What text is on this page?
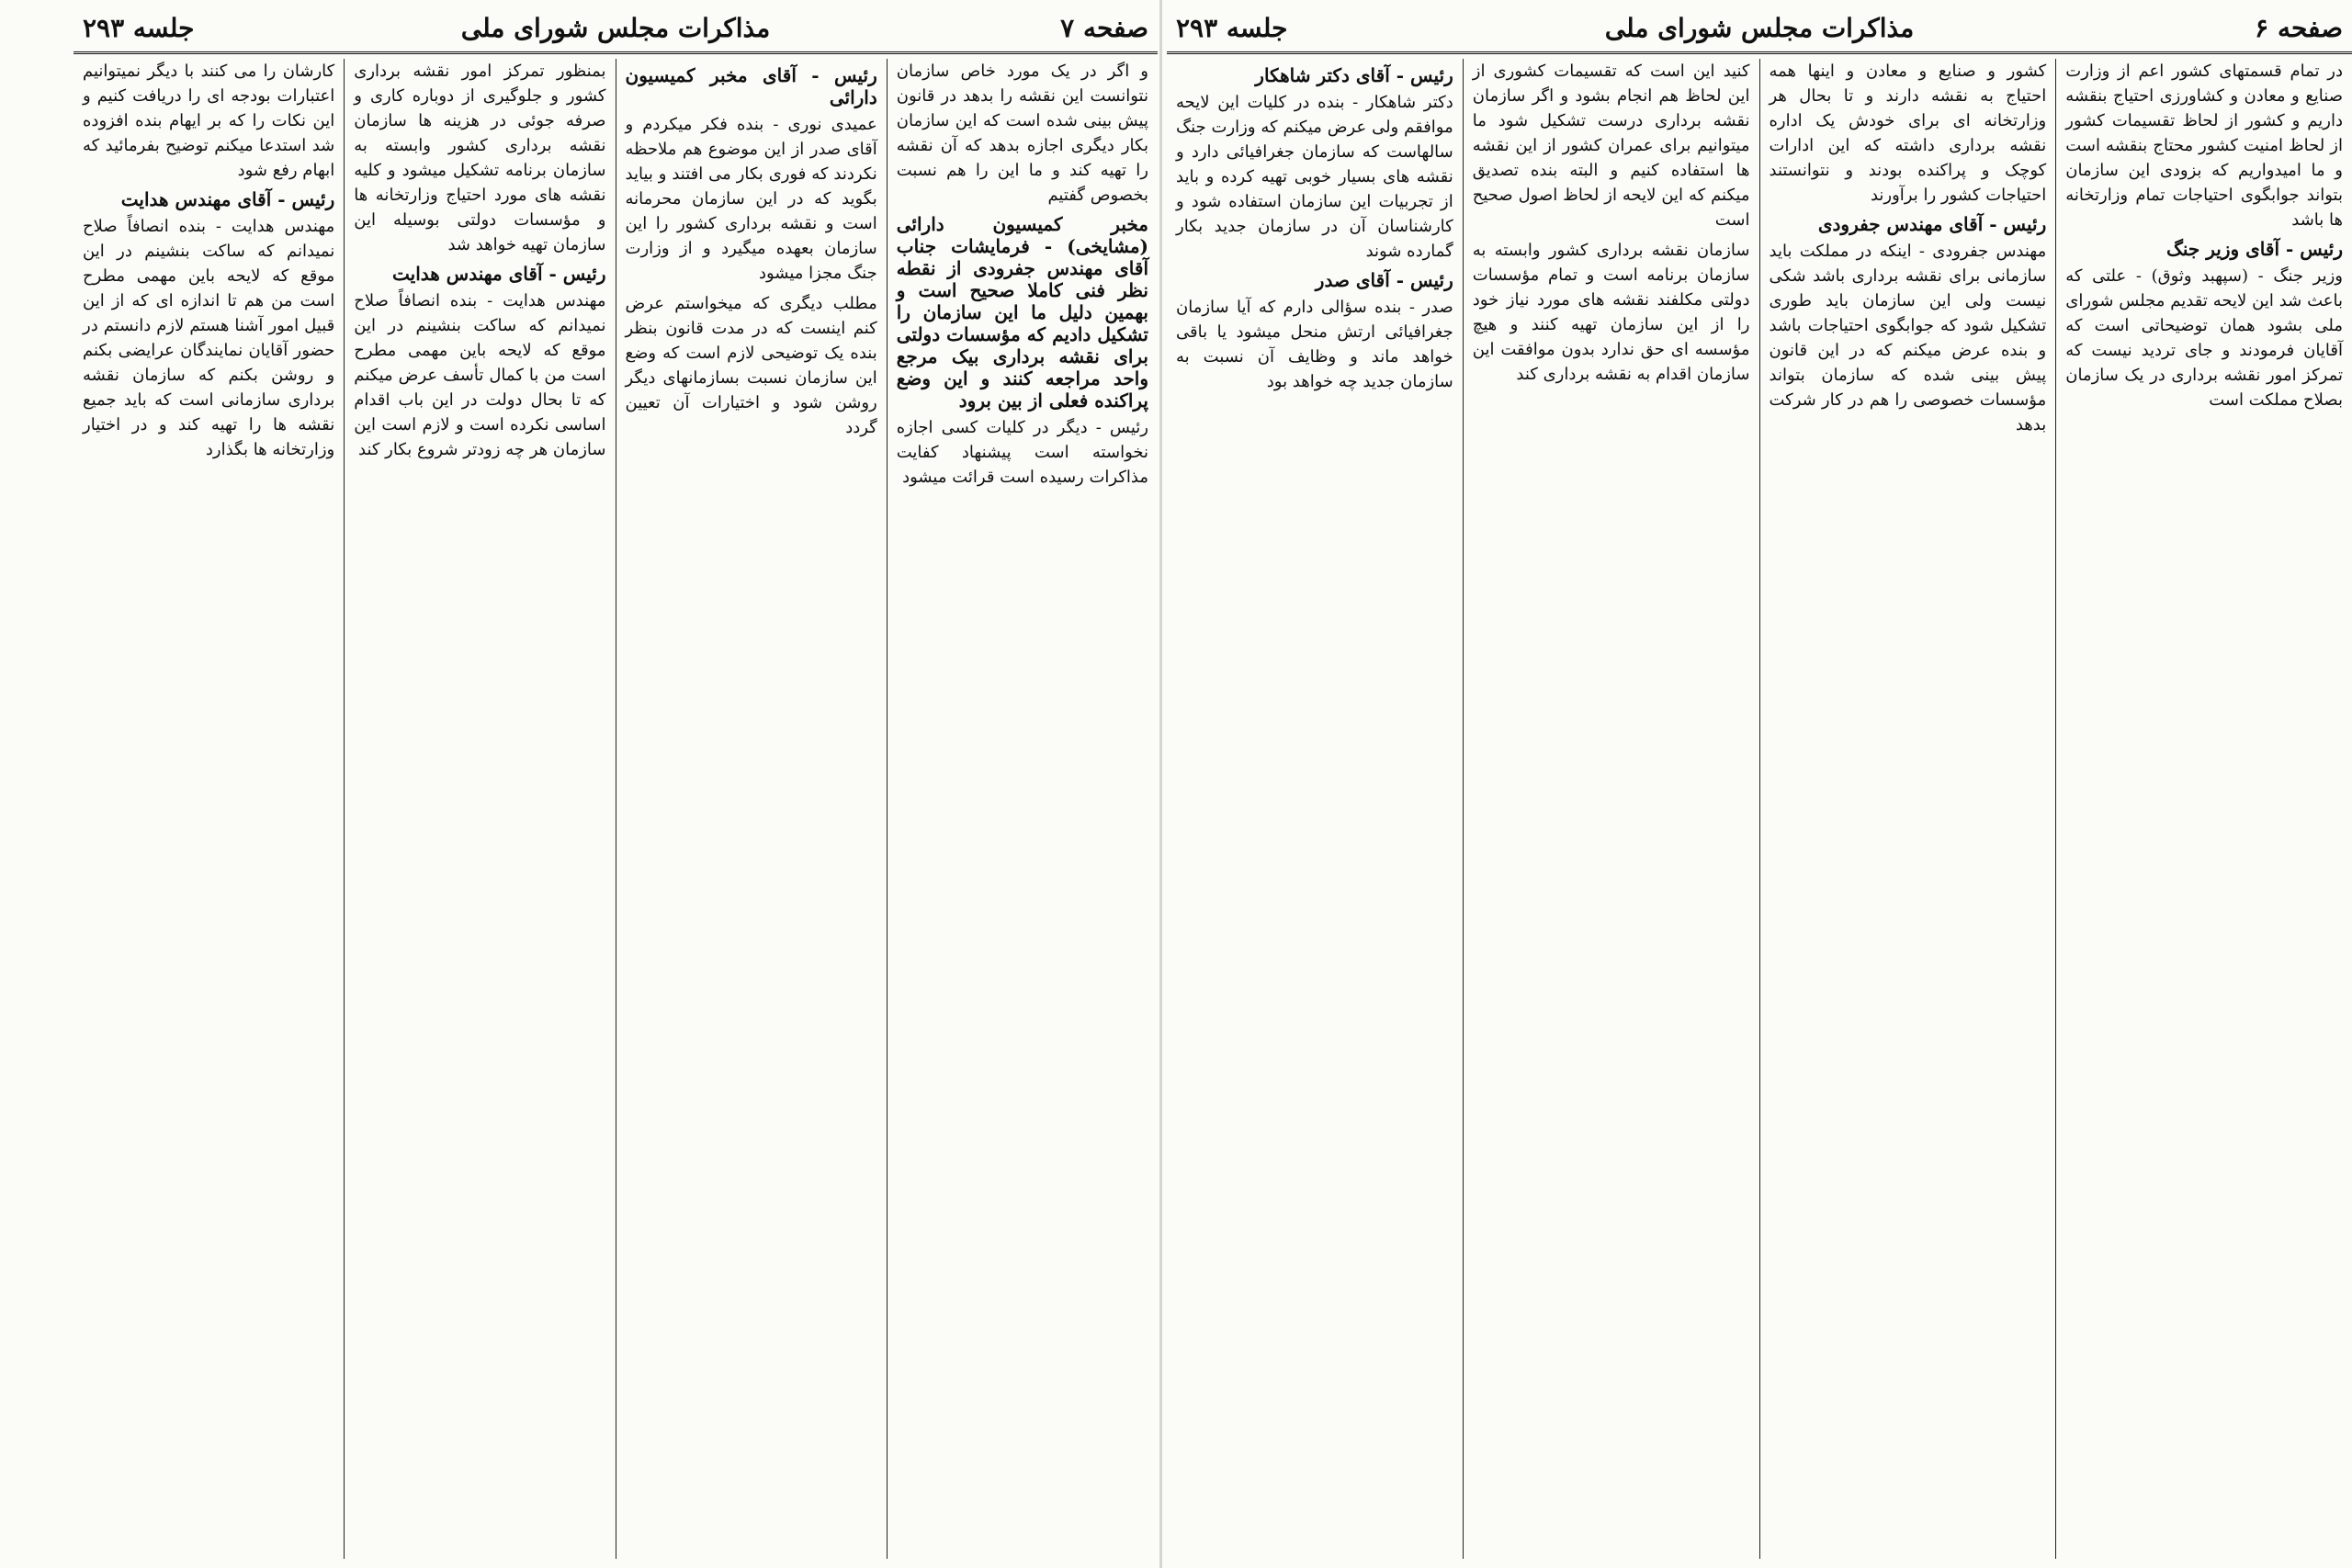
جلسه ۲۹۳	مذاکرات مجلس شورای ملی	صفحه ۷

و اگر در یک مورد خاص سازمان نتوانست این نقشه را بدهد در قانون پیش بینی شده است که این سازمان بکار دیگری اجازه بدهد که آن نقشه را تهیه کند و ما این را هم نسبت بخصوص گفتیم

مخبر کمیسیون دارائی (مشایخی) - فرمایشات جناب آقای مهندس جفرودی از نقطه نظر فنی کاملا صحیح است و بهمین دلیل ما این سازمان را تشکیل دادیم که مؤسسات دولتی برای نقشه برداری بیک مرجع واحد مراجعه کنند و این وضع پراکنده فعلی از بین برود

رئیس - دیگر در کلیات کسی اجازه نخواسته است پیشنهاد کفایت مذاکرات رسیده است قرائت میشود

رئیس - آقای مخبر کمیسیون دارائی

عمیدی نوری - بنده فکر میکردم و آقای صدر از این موضوع هم ملاحظه نکردند که فوری بکار می افتند و بیاید بگوید که در این سازمان محرمانه است و نقشه برداری کشور را این سازمان بعهده میگیرد و از وزارت جنگ مجزا میشود

مطلب دیگری که میخواستم عرض کنم اینست که در مدت قانون بنظر بنده یک توضیحی لازم است که وضع این سازمان نسبت بسازمانهای دیگر روشن شود و اختیارات آن تعیین گردد

بمنظور تمرکز امور نقشه برداری کشور و جلوگیری از دوباره کاری و صرفه جوئی در هزینه ها سازمان نقشه برداری کشور وابسته به سازمان برنامه تشکیل میشود و کلیه نقشه های مورد احتیاج وزارتخانه ها و مؤسسات دولتی بوسیله این سازمان تهیه خواهد شد

رئیس - آقای مهندس هدایت

مهندس هدایت - بنده انصافاً صلاح نمیدانم که ساکت بنشینم در این موقع که لایحه باین مهمی مطرح است من با کمال تأسف عرض میکنم که تا بحال دولت در این باب اقدام اساسی نکرده است و لازم است این سازمان هر چه زودتر شروع بکار کند

کارشان را می کنند با دیگر نمیتوانیم اعتبارات بودجه ای را دریافت کنیم و این نکات را که بر ایهام بنده افزوده شد استدعا میکنم توضیح بفرمائید که ابهام رفع شود

رئیس - آقای مهندس هدایت

مهندس هدایت - بنده انصافاً صلاح نمیدانم که ساکت بنشینم در این موقع که لایحه باین مهمی مطرح است من هم تا اندازه ای که از این قبیل امور آشنا هستم لازم دانستم در حضور آقایان نمایندگان عرایضی بکنم و روشن بکنم که سازمان نقشه برداری سازمانی است که باید جمیع نقشه ها را تهیه کند و در اختیار وزارتخانه ها بگذارد

جلسه ۲۹۳	مذاکرات مجلس شورای ملی	صفحه ۶

در تمام قسمتهای کشور اعم از وزارت صنایع و معادن و کشاورزی احتیاج بنقشه داریم و کشور از لحاظ تقسیمات کشور از لحاظ امنیت کشور محتاج بنقشه است و ما امیدواریم که بزودی این سازمان بتواند جوابگوی احتیاجات تمام وزارتخانه ها باشد

رئیس - آقای وزیر جنگ

وزیر جنگ - (سپهبد وثوق) - علتی که باعث شد این لایحه تقدیم مجلس شورای ملی بشود همان توضیحاتی است که آقایان فرمودند و جای تردید نیست که تمرکز امور نقشه برداری در یک سازمان بصلاح مملکت است

کشور و صنایع و معادن و اینها همه احتیاج به نقشه دارند و تا بحال هر وزارتخانه ای برای خودش یک اداره نقشه برداری داشته که این ادارات کوچک و پراکنده بودند و نتوانستند احتیاجات کشور را برآورند

رئیس - آقای مهندس جفرودی

مهندس جفرودی - اینکه در مملکت باید سازمانی برای نقشه برداری باشد شکی نیست ولی این سازمان باید طوری تشکیل شود که جوابگوی احتیاجات باشد و بنده عرض میکنم که در این قانون پیش بینی شده که سازمان بتواند مؤسسات خصوصی را هم در کار شرکت بدهد

کنید این است که تقسیمات کشوری از این لحاظ هم انجام بشود و اگر سازمان نقشه برداری درست تشکیل شود ما میتوانیم برای عمران کشور از این نقشه ها استفاده کنیم و البته بنده تصدیق میکنم که این لایحه از لحاظ اصول صحیح است

سازمان نقشه برداری کشور وابسته به سازمان برنامه است و تمام مؤسسات دولتی مکلفند نقشه های مورد نیاز خود را از این سازمان تهیه کنند و هیچ مؤسسه ای حق ندارد بدون موافقت این سازمان اقدام به نقشه برداری کند

رئیس - آقای دکتر شاهکار

دکتر شاهکار - بنده در کلیات این لایحه موافقم ولی عرض میکنم که وزارت جنگ سالهاست که سازمان جغرافیائی دارد و نقشه های بسیار خوبی تهیه کرده و باید از تجربیات این سازمان استفاده شود و کارشناسان آن در سازمان جدید بکار گمارده شوند

رئیس - آقای صدر

صدر - بنده سؤالی دارم که آیا سازمان جغرافیائی ارتش منحل میشود یا باقی خواهد ماند و وظایف آن نسبت به سازمان جدید چه خواهد بود
